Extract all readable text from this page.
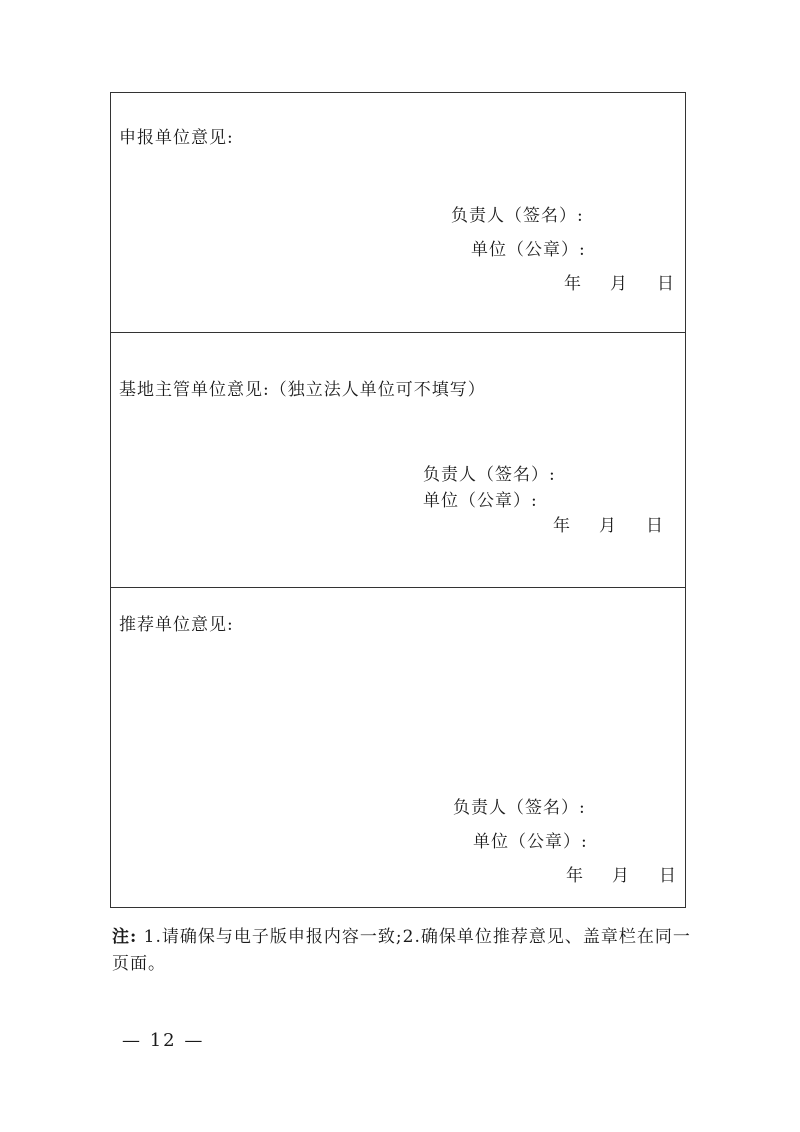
申报单位意见:
负责人（签名）:
单位（公章）:
年 月 日
基地主管单位意见:（独立法人单位可不填写）
负责人（签名）:
单位（公章）:
年 月 日
推荐单位意见:
负责人（签名）:
单位（公章）:
年 月 日
注: 1.请确保与电子版申报内容一致;2.确保单位推荐意见、盖章栏在同一页面。
— 12 —
